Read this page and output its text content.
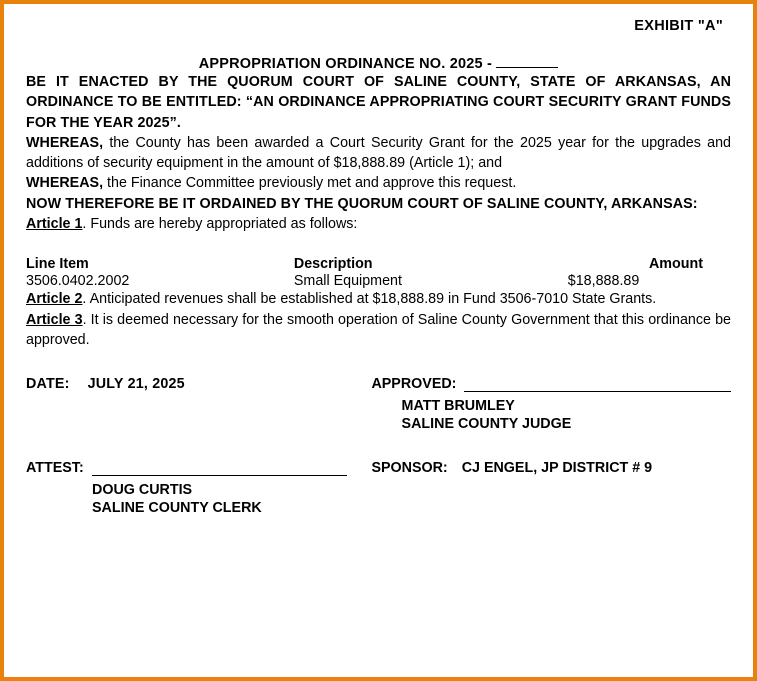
EXHIBIT "A"
APPROPRIATION ORDINANCE NO. 2025 -

BE IT ENACTED BY THE QUORUM COURT OF SALINE COUNTY, STATE OF ARKANSAS, AN ORDINANCE TO BE ENTITLED: “AN ORDINANCE APPROPRIATING COURT SECURITY GRANT FUNDS FOR THE YEAR 2025”.

WHEREAS, the County has been awarded a Court Security Grant for the 2025 year for the upgrades and additions of security equipment in the amount of $18,888.89 (Article 1); and

WHEREAS, the Finance Committee previously met and approve this request.

NOW THEREFORE BE IT ORDAINED BY THE QUORUM COURT OF SALINE COUNTY, ARKANSAS:

Article 1. Funds are hereby appropriated as follows:

Line Item	Description	Amount
3506.0402.2002	Small Equipment	$18,888.89

Article 2. Anticipated revenues shall be established at $18,888.89 in Fund 3506-7010 State Grants.

Article 3. It is deemed necessary for the smooth operation of Saline County Government that this ordinance be approved.

DATE: JULY 21, 2025	APPROVED:
MATT BRUMLEY
SALINE COUNTY JUDGE
ATTEST:	SPONSOR: CJ ENGEL, JP DISTRICT # 9
DOUG CURTIS
SALINE COUNTY CLERK
